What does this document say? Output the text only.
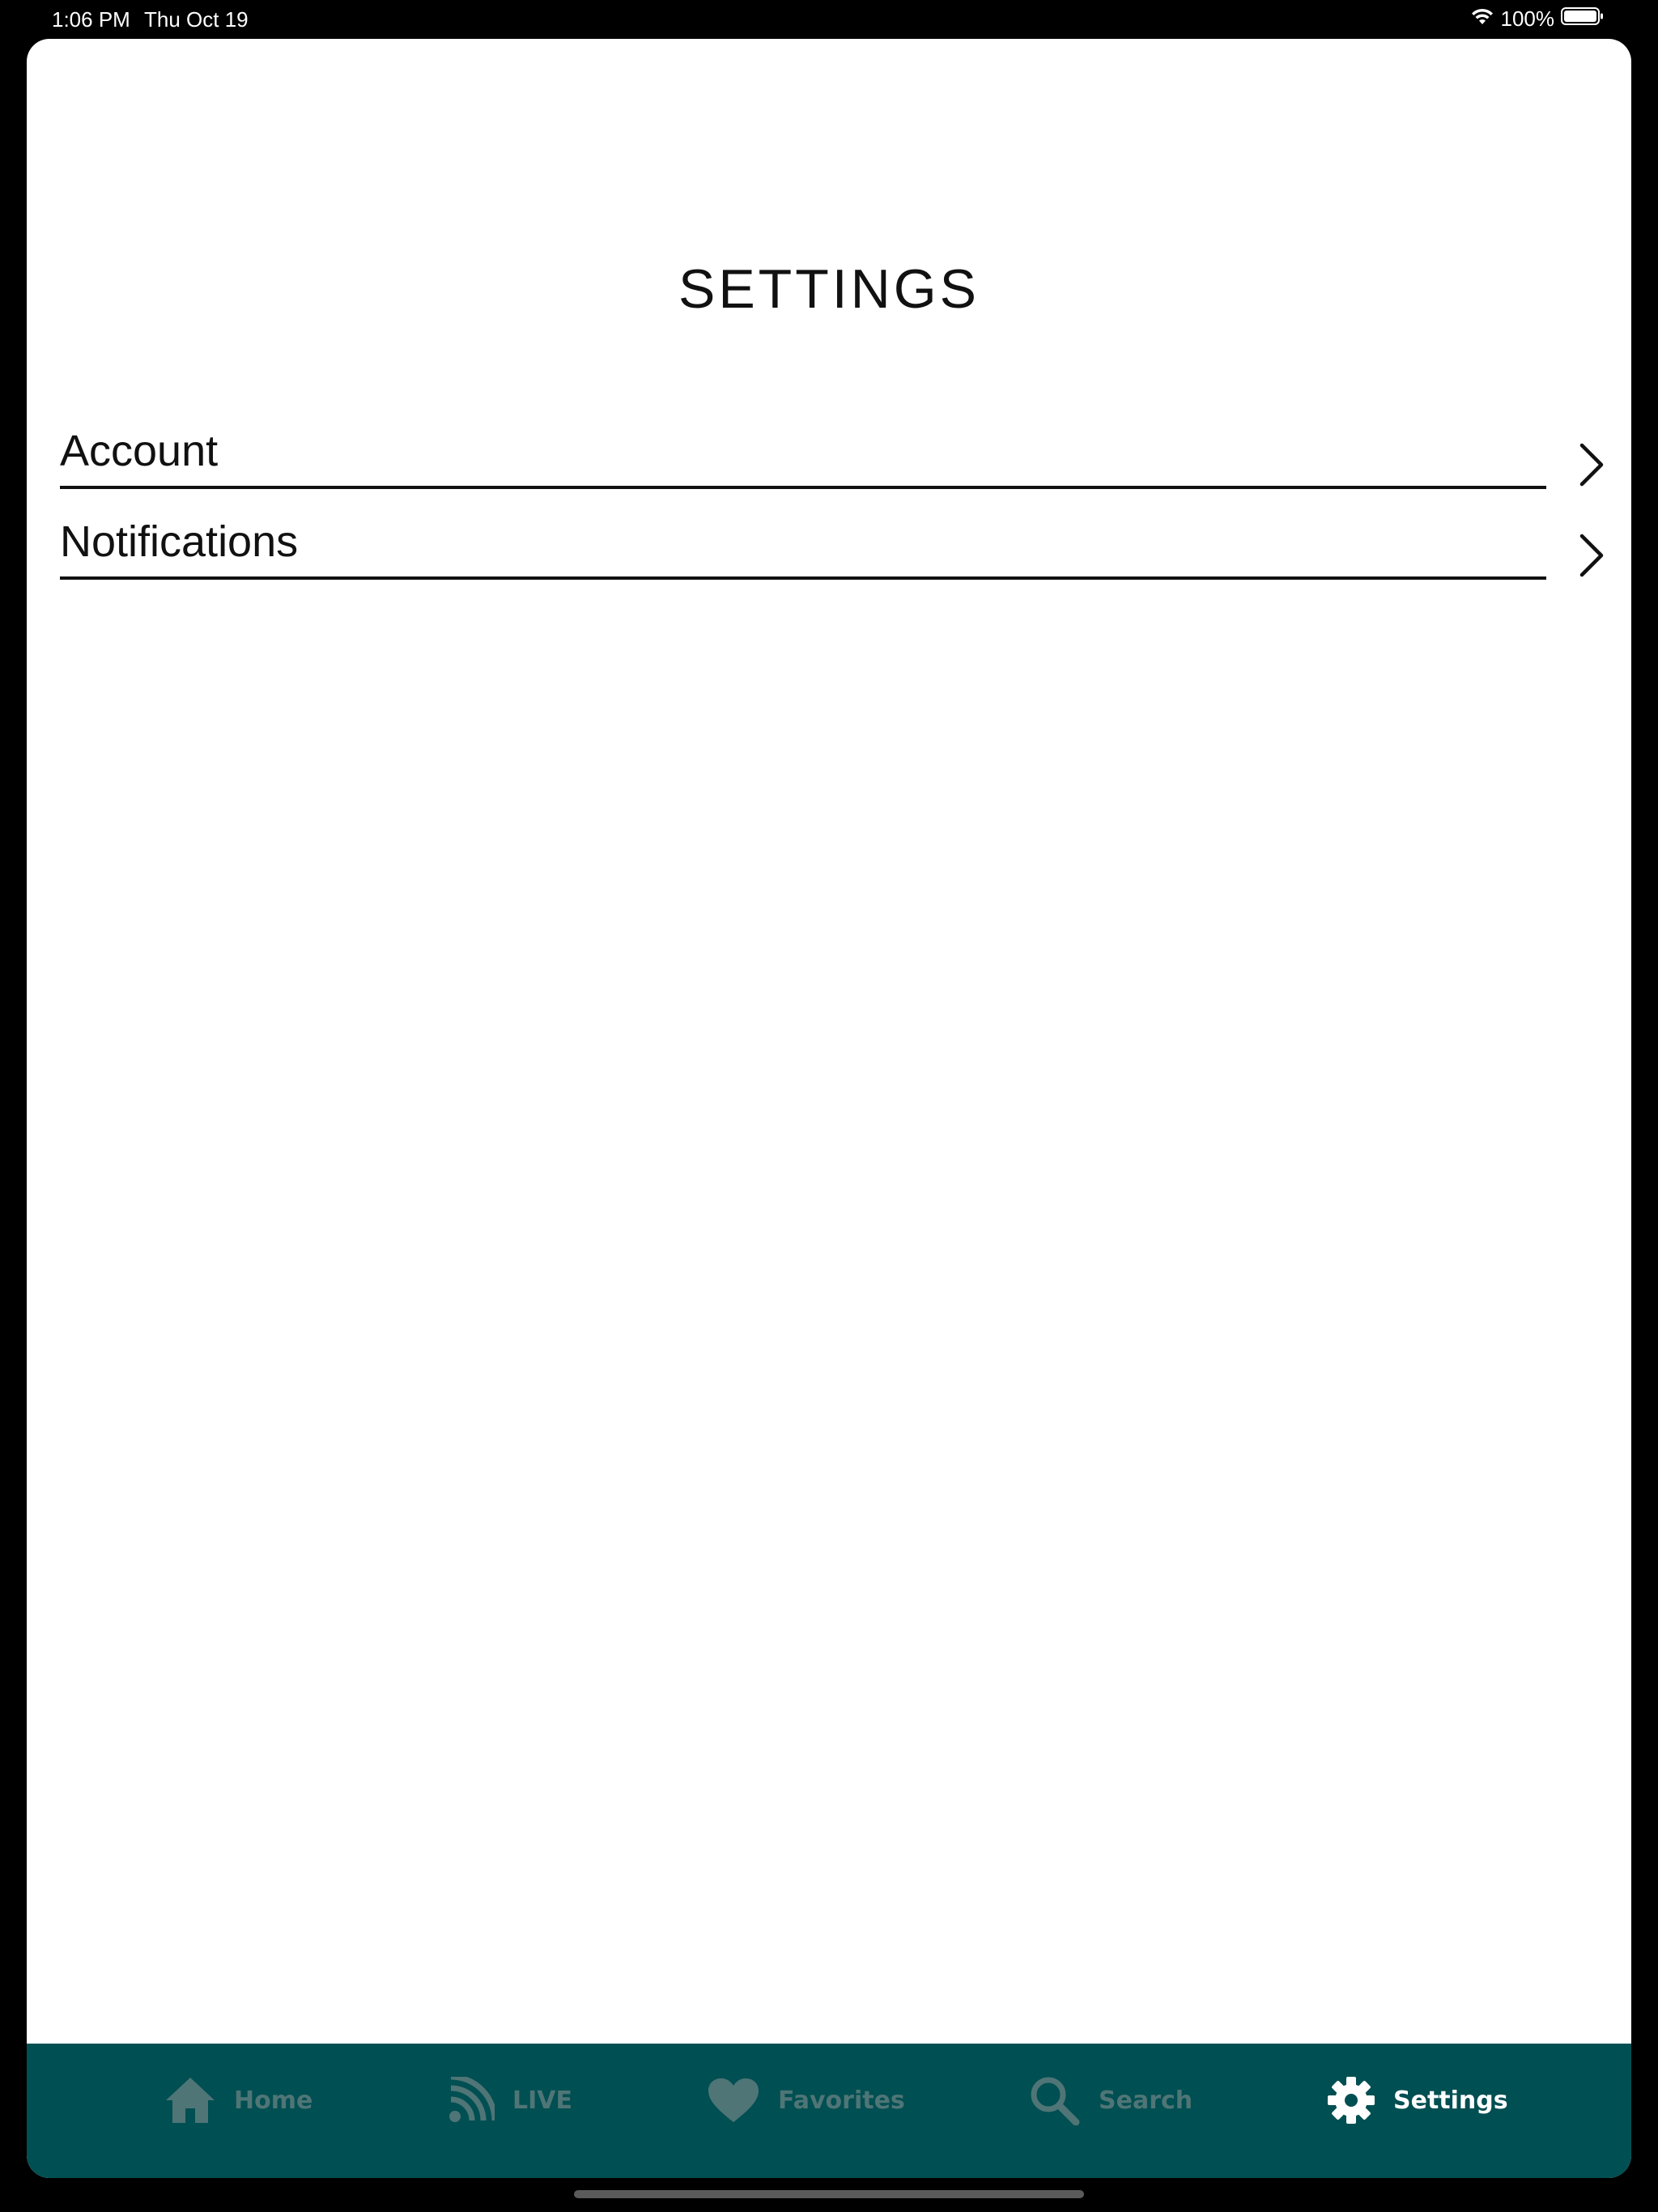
1:06 PM Thu Oct 19	100%
SETTINGS
Account
Notifications
Home	LIVE	Favorites	Search	Settings
